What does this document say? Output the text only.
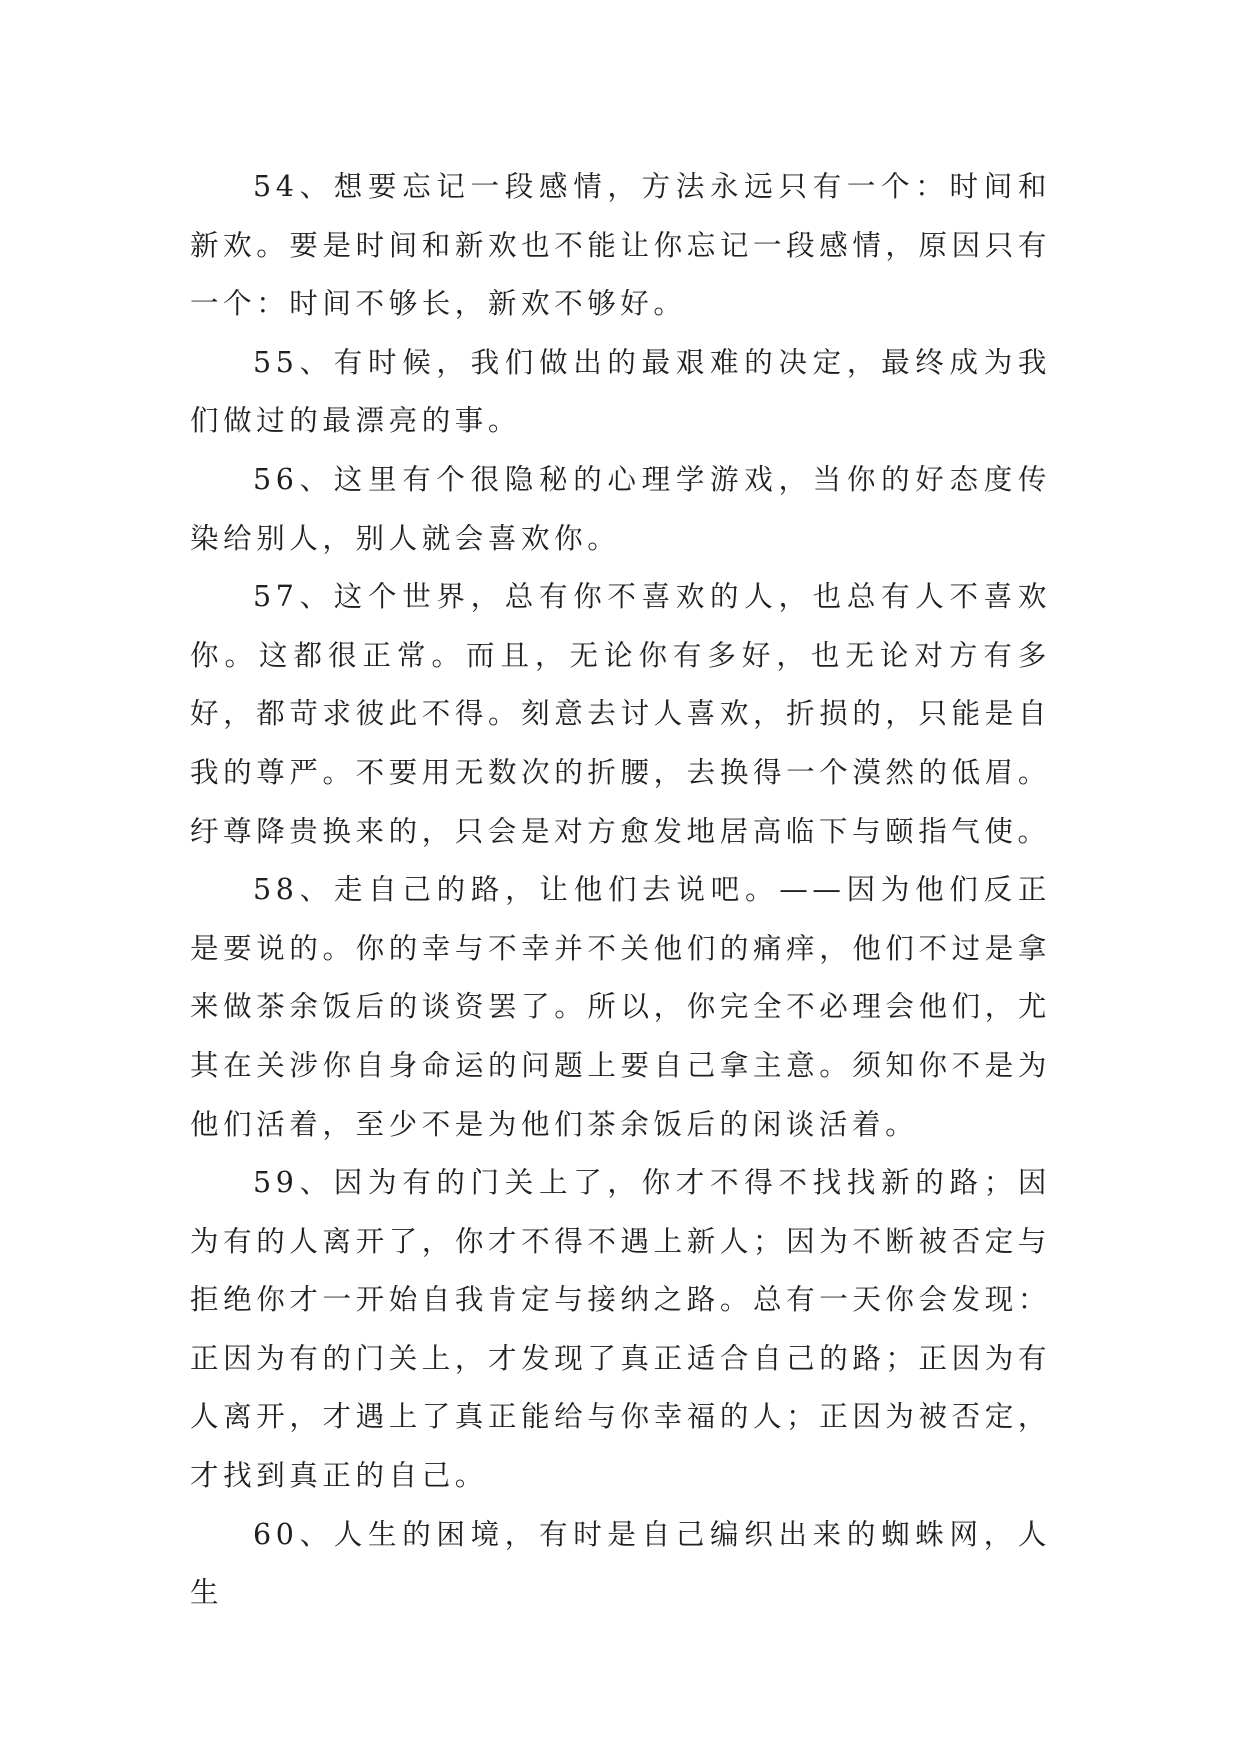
54、想要忘记一段感情，方法永远只有一个：时间和新欢。要是时间和新欢也不能让你忘记一段感情，原因只有一个：时间不够长，新欢不够好。

55、有时候，我们做出的最艰难的决定，最终成为我们做过的最漂亮的事。

56、这里有个很隐秘的心理学游戏，当你的好态度传染给别人，别人就会喜欢你。

57、这个世界，总有你不喜欢的人，也总有人不喜欢你。这都很正常。而且，无论你有多好，也无论对方有多好，都苛求彼此不得。刻意去讨人喜欢，折损的，只能是自我的尊严。不要用无数次的折腰，去换得一个漠然的低眉。纡尊降贵换来的，只会是对方愈发地居高临下与颐指气使。

58、走自己的路，让他们去说吧。——因为他们反正是要说的。你的幸与不幸并不关他们的痛痒，他们不过是拿来做茶余饭后的谈资罢了。所以，你完全不必理会他们，尤其在关涉你自身命运的问题上要自己拿主意。须知你不是为他们活着，至少不是为他们茶余饭后的闲谈活着。

59、因为有的门关上了，你才不得不找找新的路；因为有的人离开了，你才不得不遇上新人；因为不断被否定与拒绝你才一开始自我肯定与接纳之路。总有一天你会发现：正因为有的门关上，才发现了真正适合自己的路；正因为有人离开，才遇上了真正能给与你幸福的人；正因为被否定，才找到真正的自己。

60、人生的困境，有时是自己编织出来的蜘蛛网，人生
